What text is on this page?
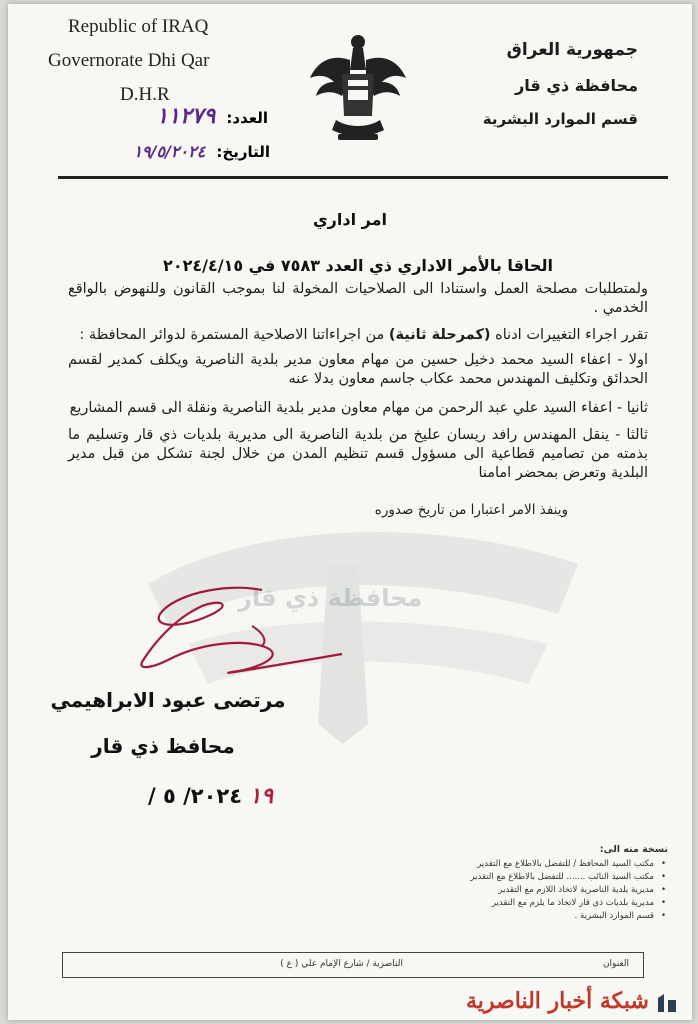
Republic of IRAQ
Governorate Dhi Qar
D.H.R
العدد: ١١٢٧٩
التاريخ: ١٩/٥/٢٠٢٤
جمهورية العراق
محافظة ذي قار
قسم الموارد البشرية
محافظة ذي قار
امر اداري
الحاقا بالأمر الاداري ذي العدد ٧٥٨٣ في ٢٠٢٤/٤/١٥

ولمتطلبات مصلحة العمل واستنادا الى الصلاحيات المخولة لنا بموجب القانون وللنهوض بالواقع الخدمي .

تقرر اجراء التغييرات ادناه (كمرحلة ثانية) من اجراءاتنا الاصلاحية المستمرة لدوائر المحافظة :

اولا - اعفاء السيد محمد دخيل حسين من مهام معاون مدير بلدية الناصرية ويكلف كمدير لقسم الحدائق وتكليف المهندس محمد عكاب جاسم معاون بدلا عنه

ثانيا - اعفاء السيد علي عبد الرحمن من مهام معاون مدير بلدية الناصرية ونقلة الى قسم المشاريع

ثالثا - ينقل المهندس رافد ريسان عليخ من بلدية الناصرية الى مديرية بلديات ذي قار وتسليم ما بذمته من تصاميم قطاعية الى مسؤول قسم تنظيم المدن من خلال لجنة تشكل من قبل مدير البلدية وتعرض بمحضر امامنا

وينفذ الامر اعتبارا من تاريخ صدوره

مرتضى عبود الابراهيمي
محافظ ذي قار
١٩ ٢٠٢٤/ ٥ /
نسخة منه الى:
• مكتب السيد المحافظ / للتفضل بالاطلاع مع التقدير
• مكتب السيد النائب ....... للتفضل بالاطلاع مع التقدير
• مديرية بلدية الناصرية لاتخاذ اللازم مع التقدير
• مديرية بلديات ذي قار لاتخاذ ما يلزم مع التقدير
• قسم الموارد البشرية .
العنوان
الناصرية / شارع الإمام علي ( ع )
شبكة أخبار الناصرية
